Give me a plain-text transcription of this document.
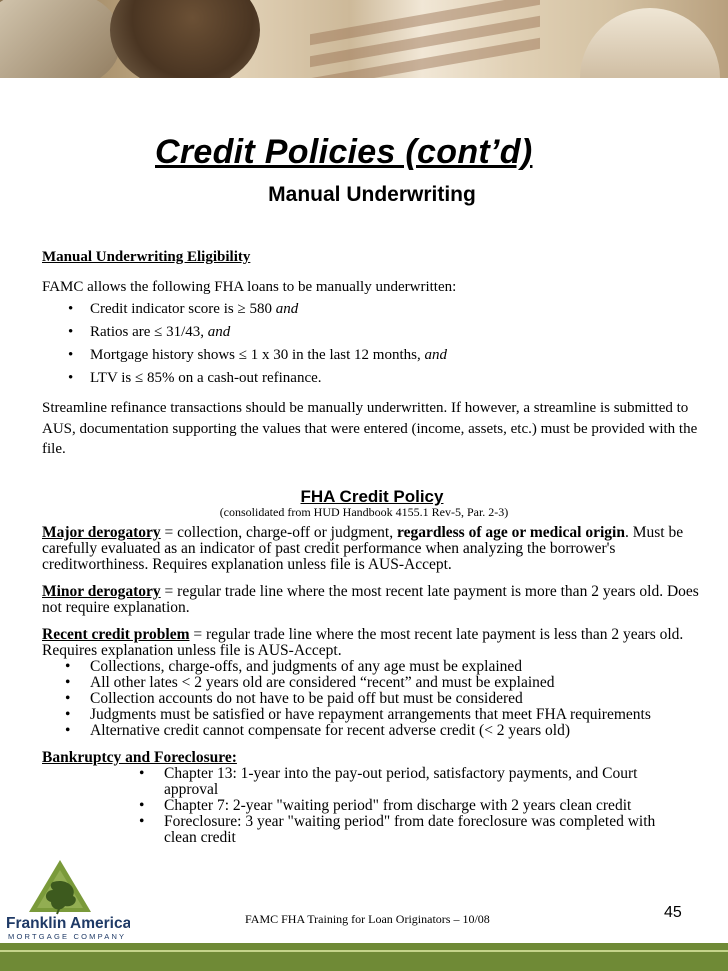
Credit Policies (cont’d)
Manual Underwriting

Manual Underwriting Eligibility

FAMC allows the following FHA loans to be manually underwritten:

• Credit indicator score is ≥ 580 and
• Ratios are ≤ 31/43, and
• Mortgage history shows ≤ 1 x 30 in the last 12 months, and
• LTV is ≤ 85% on a cash-out refinance.

Streamline refinance transactions should be manually underwritten. If however, a streamline is submitted to AUS, documentation supporting the values that were entered (income, assets, etc.) must be provided with the file.

FHA Credit Policy
(consolidated from HUD Handbook 4155.1 Rev-5, Par. 2-3)

Major derogatory = collection, charge-off or judgment, regardless of age or medical origin. Must be carefully evaluated as an indicator of past credit performance when analyzing the borrower's creditworthiness. Requires explanation unless file is AUS-Accept.

Minor derogatory = regular trade line where the most recent late payment is more than 2 years old. Does not require explanation.

Recent credit problem = regular trade line where the most recent late payment is less than 2 years old. Requires explanation unless file is AUS-Accept.

• Collections, charge-offs, and judgments of any age must be explained
• All other lates < 2 years old are considered “recent” and must be explained
• Collection accounts do not have to be paid off but must be considered
• Judgments must be satisfied or have repayment arrangements that meet FHA requirements
• Alternative credit cannot compensate for recent adverse credit (< 2 years old)

Bankruptcy and Foreclosure:

• Chapter 13: 1-year into the pay-out period, satisfactory payments, and Court approval
• Chapter 7: 2-year "waiting period" from discharge with 2 years clean credit
• Foreclosure: 3 year "waiting period" from date foreclosure was completed with clean credit
Franklin American
MORTGAGE COMPANY
FAMC FHA Training for Loan Originators – 10/08	45
